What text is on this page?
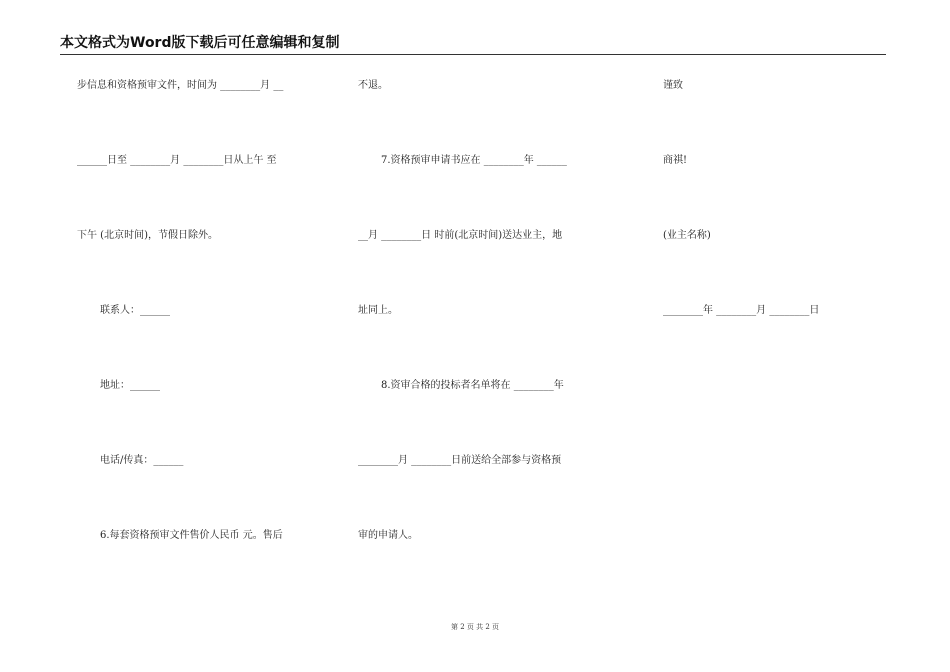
本文格式为Word版下载后可任意编辑和复制
步信息和资格预审文件，时间为 ________月 __
______日至 ________月 ________日从上午 至
下午 (北京时间)，节假日除外。
联系人：______
地址：______
电话/传真：______
6.每套资格预审文件售价人民币 元。售后
不退。
7.资格预审申请书应在 ________年 ______
__月 ________日 时前(北京时间)送达业主，地
址同上。
8.资审合格的投标者名单将在 ________年
________月 ________日前送给全部参与资格预
审的申请人。
谨致
商祺!
(业主名称)
________年 ________月 ________日
第 2 页 共 2 页
